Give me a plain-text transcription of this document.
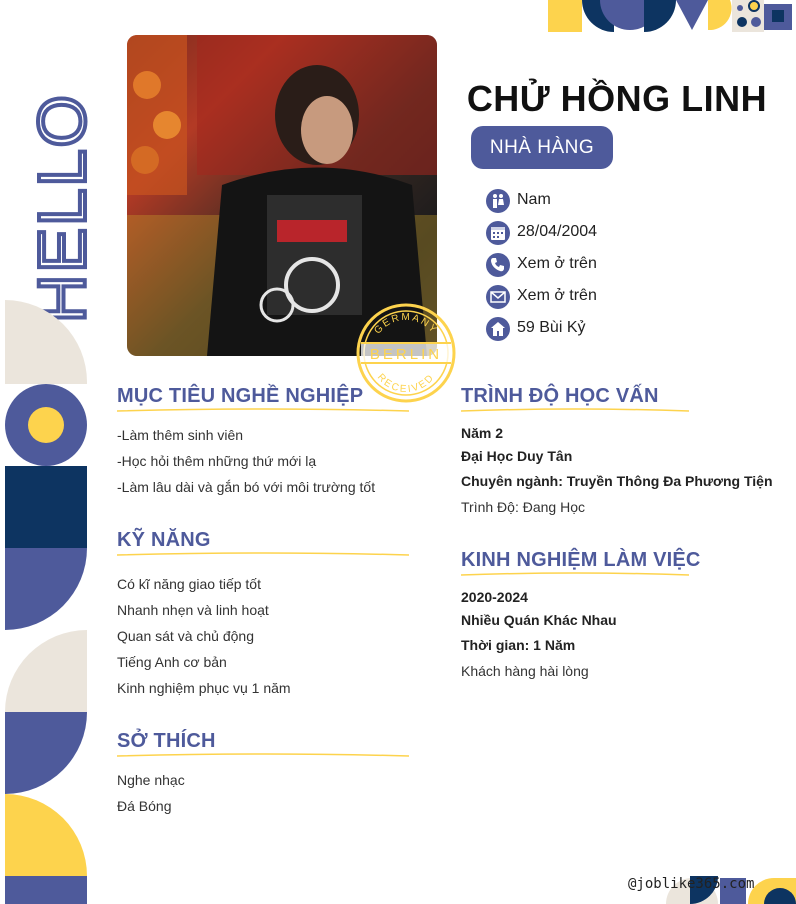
HELLO
GERMANY
BERLIN
RECEIVED
CHỬ HỒNG LINH
NHÀ HÀNG
Nam
28/04/2004
Xem ở trên
Xem ở trên
59 Bùi Kỷ
MỤC TIÊU NGHỀ NGHIỆP
-Làm thêm sinh viên
-Học hỏi thêm những thứ mới lạ
-Làm lâu dài và gắn bó với môi trường tốt
KỸ NĂNG
Có kĩ năng giao tiếp tốt
Nhanh nhẹn và linh hoạt
Quan sát và chủ động
Tiếng Anh cơ bản
Kinh nghiệm phục vụ 1 năm
SỞ THÍCH
Nghe nhạc
Đá Bóng
TRÌNH ĐỘ HỌC VẤN
Năm 2
Đại Học Duy Tân
Chuyên ngành: Truyền Thông Đa Phương Tiện
Trình Độ: Đang Học
KINH NGHIỆM LÀM VIỆC
2020-2024
Nhiều Quán Khác Nhau
Thời gian: 1 Năm
Khách hàng hài lòng
@joblike365.com
